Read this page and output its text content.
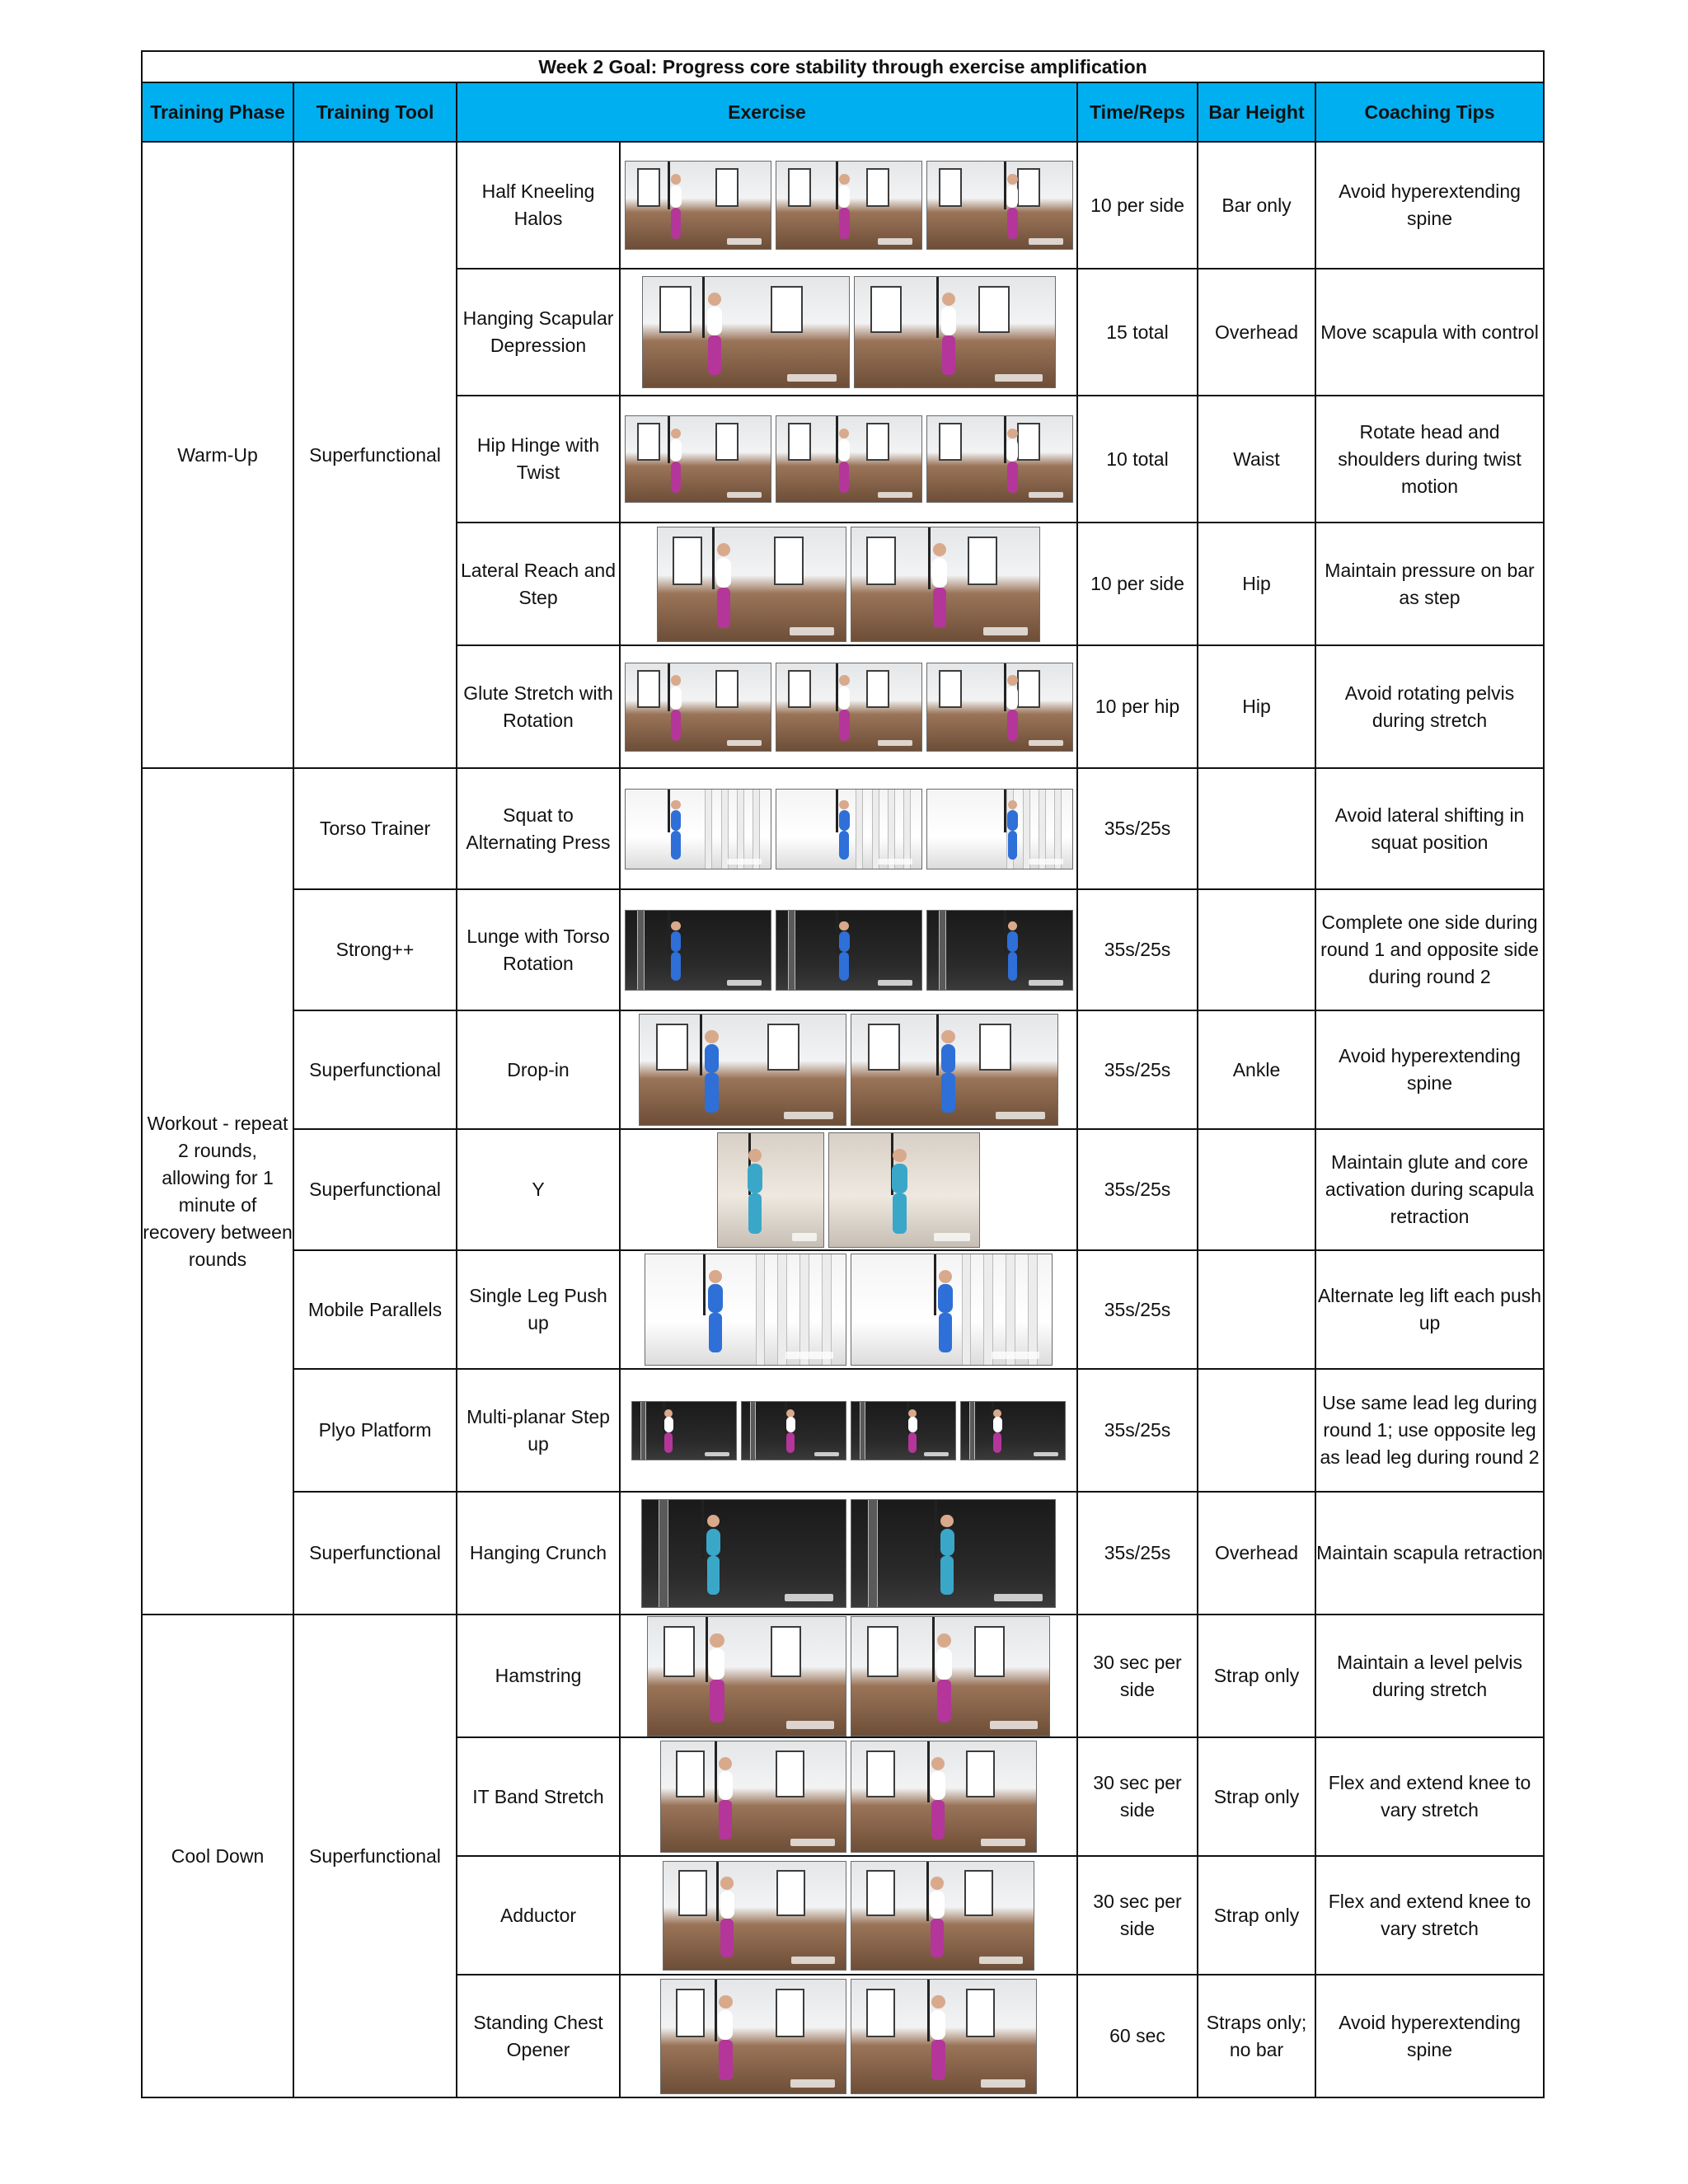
Week 2 Goal: Progress core stability through exercise amplification						
Training Phase	Training Tool	Exercise		Time/Reps	Bar Height	Coaching Tips
Warm-Up	Superfunctional	Half Kneeling Halos		10 per side	Bar only	Avoid hyperextending spine
		Hanging Scapular Depression		15 total	Overhead	Move scapula with control
		Hip Hinge with Twist		10 total	Waist	Rotate head and shoulders during twist motion
		Lateral Reach and Step		10 per side	Hip	Maintain pressure on bar as step
		Glute Stretch with Rotation		10 per hip	Hip	Avoid rotating pelvis during stretch
Workout - repeat 2 rounds, allowing for 1 minute of recovery between rounds	Torso Trainer	Squat to Alternating Press		35s/25s		Avoid lateral shifting in squat position
	Strong++	Lunge with Torso Rotation		35s/25s		Complete one side during round 1 and opposite side during round 2
	Superfunctional	Drop-in		35s/25s	Ankle	Avoid hyperextending spine
	Superfunctional	Y		35s/25s		Maintain glute and core activation during scapula retraction
	Mobile Parallels	Single Leg Push up		35s/25s		Alternate leg lift each push up
	Plyo Platform	Multi-planar Step up		35s/25s		Use same lead leg during round 1; use opposite leg as lead leg during round 2
	Superfunctional	Hanging Crunch		35s/25s	Overhead	Maintain scapula retraction
Cool Down	Superfunctional	Hamstring		30 sec per side	Strap only	Maintain a level pelvis during stretch
		IT Band Stretch		30 sec per side	Strap only	Flex and extend knee to vary stretch
		Adductor		30 sec per side	Strap only	Flex and extend knee to vary stretch
		Standing Chest Opener		60 sec	Straps only; no bar	Avoid hyperextending spine
